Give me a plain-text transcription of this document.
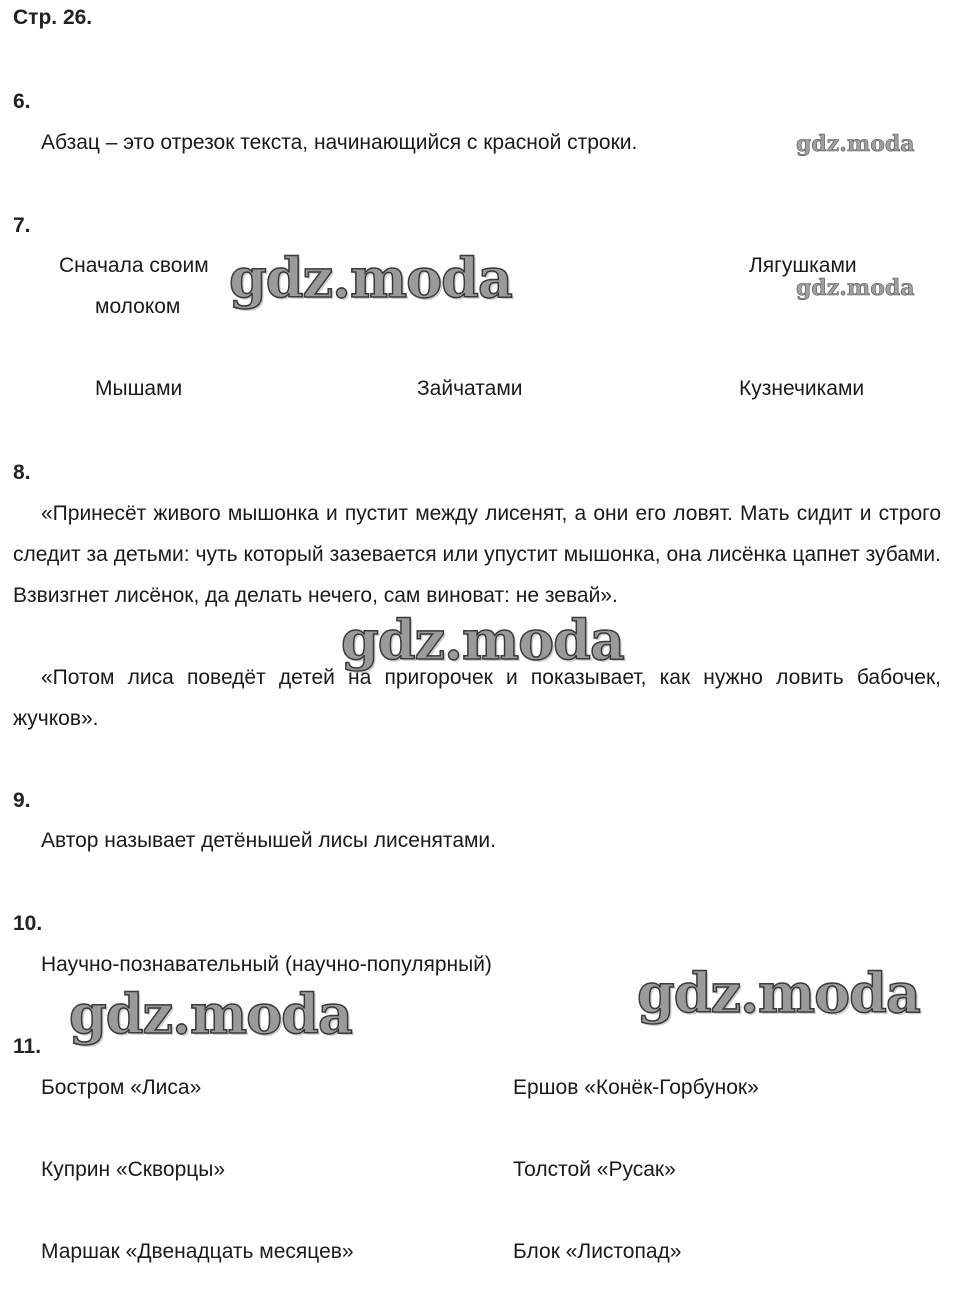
Стр. 26.
6.
Абзац – это отрезок текста, начинающийся с красной строки.	gdz.moda
7.
Сначала своим
молоком gdz.moda	Лягушками
gdz.moda
Мышами	Зайчатами	Кузнечиками
8.
«Принесёт живого мышонка и пустит между лисенят, а они его ловят. Мать сидит и строго следит за детьми: чуть который зазевается или упустит мышонка, она лисёнка цапнет зубами. Взвизгнет лисёнок, да делать нечего, сам виноват: не зевай».
gdz.moda
«Потом лиса поведёт детей на пригорочек и показывает, как нужно ловить бабочек, жучков».
9.
Автор называет детёнышей лисы лисенятами.
10.
Научно-познавательный (научно-популярный)	gdz.moda
gdz.moda
11.
Бостром «Лиса»	Ершов «Конёк-Горбунок»
Куприн «Скворцы»	Толстой «Русак»
Маршак «Двенадцать месяцев»	Блок «Листопад»
